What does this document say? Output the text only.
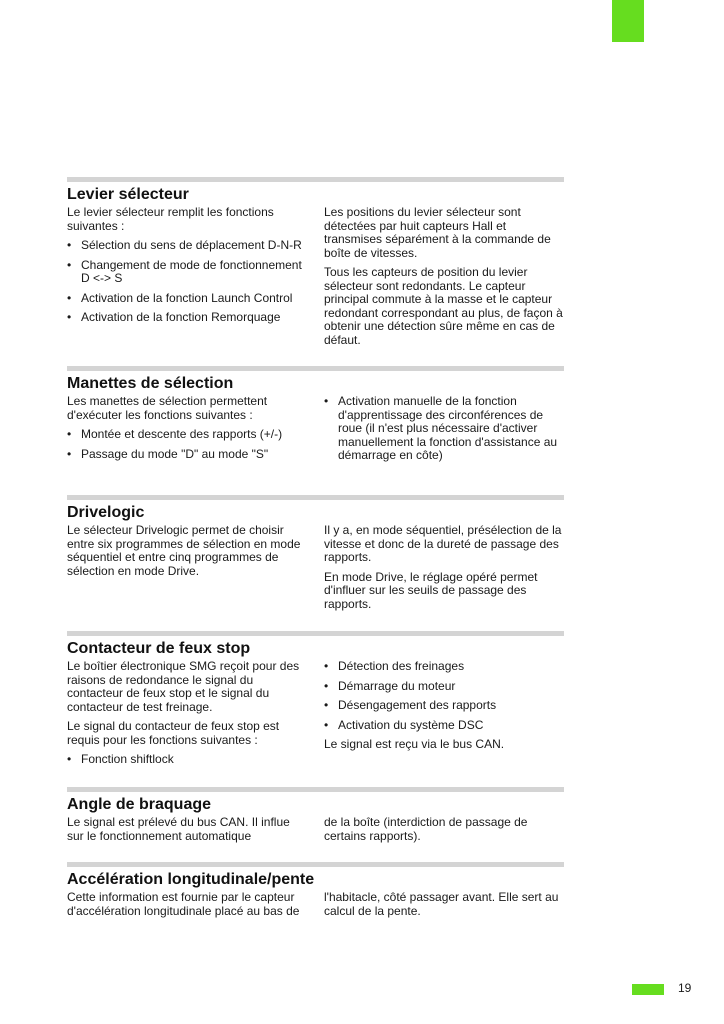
Levier sélecteur

Le levier sélecteur remplit les fonctions suivantes :

• Sélection du sens de déplacement D-N-R
• Changement de mode de fonctionnement D <-> S
• Activation de la fonction Launch Control
• Activation de la fonction Remorquage

Les positions du levier sélecteur sont détectées par huit capteurs Hall et transmises séparément à la commande de boîte de vitesses.

Tous les capteurs de position du levier sélecteur sont redondants. Le capteur principal commute à la masse et le capteur redondant correspondant au plus, de façon à obtenir une détection sûre même en cas de défaut.

Manettes de sélection

Les manettes de sélection permettent d'exécuter les fonctions suivantes :

• Montée et descente des rapports (+/-)
• Passage du mode "D" au mode "S"
• Activation manuelle de la fonction d'apprentissage des circonférences de roue (il n'est plus nécessaire d'activer manuellement la fonction d'assistance au démarrage en côte)
Drivelogic

Le sélecteur Drivelogic permet de choisir entre six programmes de sélection en mode séquentiel et entre cinq programmes de sélection en mode Drive.

Il y a, en mode séquentiel, présélection de la vitesse et donc de la dureté de passage des rapports.

En mode Drive, le réglage opéré permet d'influer sur les seuils de passage des rapports.

Contacteur de feux stop

Le boîtier électronique SMG reçoit pour des raisons de redondance le signal du contacteur de feux stop et le signal du contacteur de test freinage.

Le signal du contacteur de feux stop est requis pour les fonctions suivantes :

• Fonction shiftlock
• Détection des freinages
• Démarrage du moteur
• Désengagement des rapports
• Activation du système DSC

Le signal est reçu via le bus CAN.

Angle de braquage

Le signal est prélevé du bus CAN. Il influe sur le fonctionnement automatique

de la boîte (interdiction de passage de certains rapports).

Accélération longitudinale/pente

Cette information est fournie par le capteur d'accélération longitudinale placé au bas de

l'habitacle, côté passager avant. Elle sert au calcul de la pente.

19
